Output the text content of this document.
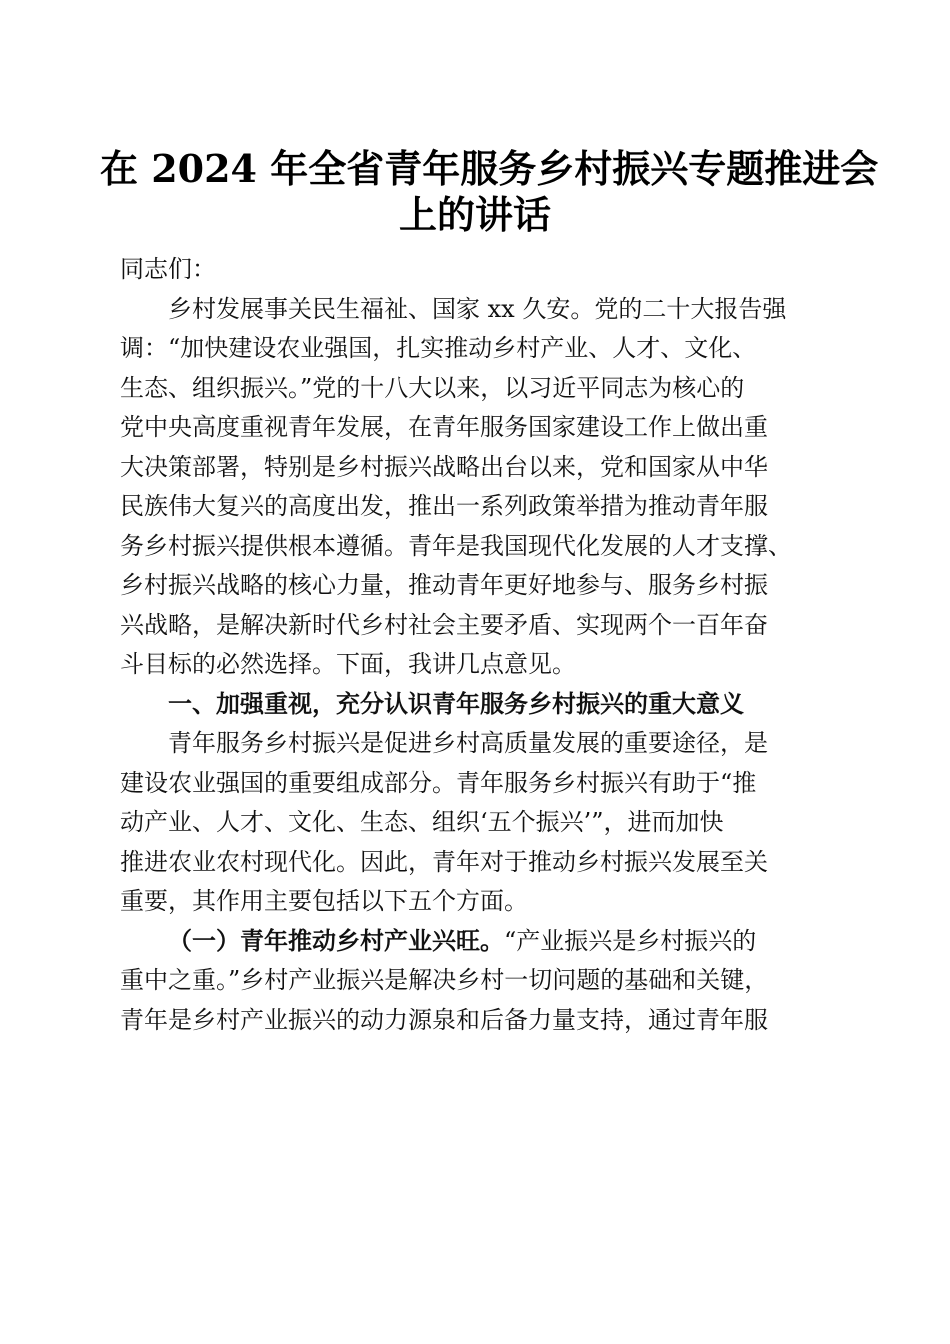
在 2024 年全省青年服务乡村振兴专题推进会
上的讲话
同志们：
乡村发展事关民生福祉、国家 xx 久安。党的二十大报告强
调：“加快建设农业强国，扎实推动乡村产业、人才、文化、
生态、组织振兴。”党的十八大以来，以习近平同志为核心的
党中央高度重视青年发展，在青年服务国家建设工作上做出重
大决策部署，特别是乡村振兴战略出台以来，党和国家从中华
民族伟大复兴的高度出发，推出一系列政策举措为推动青年服
务乡村振兴提供根本遵循。青年是我国现代化发展的人才支撑、
乡村振兴战略的核心力量，推动青年更好地参与、服务乡村振
兴战略，是解决新时代乡村社会主要矛盾、实现两个一百年奋
斗目标的必然选择。下面，我讲几点意见。
一、加强重视，充分认识青年服务乡村振兴的重大意义
青年服务乡村振兴是促进乡村高质量发展的重要途径，是
建设农业强国的重要组成部分。青年服务乡村振兴有助于“推
动产业、人才、文化、生态、组织‘五个振兴’”，进而加快
推进农业农村现代化。因此，青年对于推动乡村振兴发展至关
重要，其作用主要包括以下五个方面。
（一）青年推动乡村产业兴旺。“产业振兴是乡村振兴的
重中之重。”乡村产业振兴是解决乡村一切问题的基础和关键，
青年是乡村产业振兴的动力源泉和后备力量支持，通过青年服
